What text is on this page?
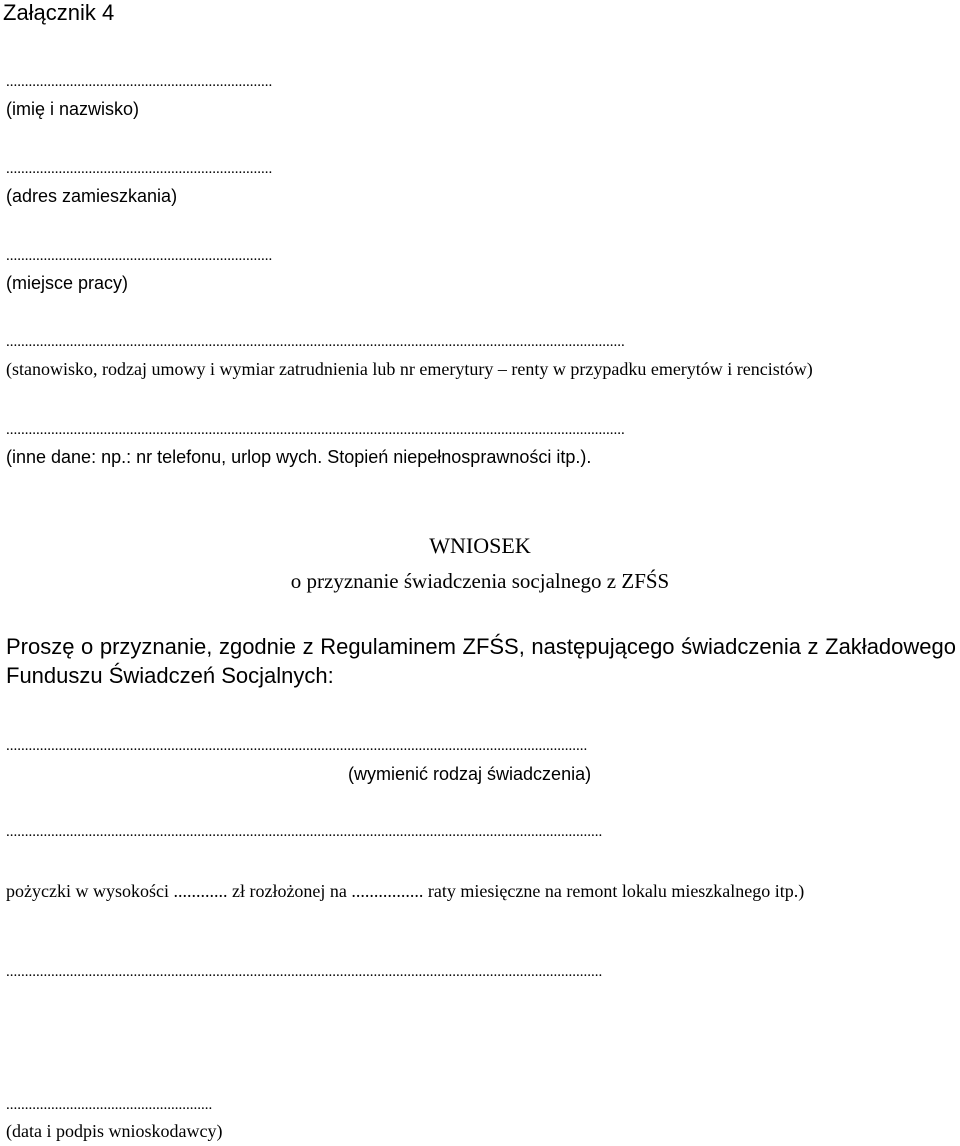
Załącznik 4
.......................................................................
(imię i nazwisko)
.......................................................................
(adres zamieszkania)
.......................................................................
(miejsce pracy)
.....................................................................................................................................................................
(stanowisko, rodzaj umowy i wymiar zatrudnienia lub nr emerytury – renty w przypadku emerytów i rencistów)
.....................................................................................................................................................................
(inne dane: np.: nr telefonu, urlop wych. Stopień niepełnosprawności itp.).
WNIOSEK
o przyznanie świadczenia socjalnego z ZFŚS
Proszę o przyznanie, zgodnie z Regulaminem ZFŚS, następującego świadczenia z Zakładowego Funduszu Świadczeń Socjalnych:
...........................................................................................................................................................
(wymienić rodzaj świadczenia)
...............................................................................................................................................................
pożyczki w wysokości ............ zł rozłożonej na ................ raty miesięczne na remont lokalu mieszkalnego itp.)
...............................................................................................................................................................
.......................................................
(data i podpis wnioskodawcy)
